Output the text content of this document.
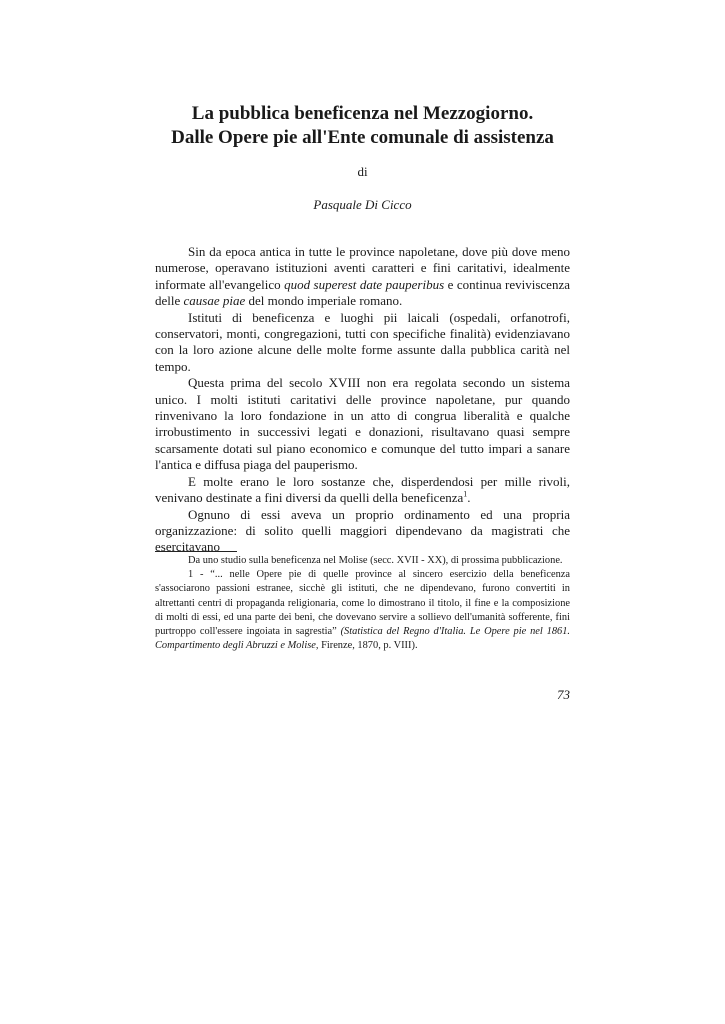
La pubblica beneficenza nel Mezzogiorno.
Dalle Opere pie all'Ente comunale di assistenza
di
Pasquale Di Cicco

Sin da epoca antica in tutte le province napoletane, dove più dove meno numerose, operavano istituzioni aventi caratteri e fini caritativi, idealmente informate all'evangelico quod superest date pauperibus e continua reviviscenza delle causae piae del mondo imperiale romano.

Istituti di beneficenza e luoghi pii laicali (ospedali, orfanotrofi, conservatori, monti, congregazioni, tutti con specifiche finalità) evidenziavano con la loro azione alcune delle molte forme assunte dalla pubblica carità nel tempo.

Questa prima del secolo XVIII non era regolata secondo un sistema unico. I molti istituti caritativi delle province napoletane, pur quando rinvenivano la loro fondazione in un atto di congrua liberalità e qualche irrobustimento in successivi legati e donazioni, risultavano quasi sempre scarsamente dotati sul piano economico e comunque del tutto impari a sanare l'antica e diffusa piaga del pauperismo.

E molte erano le loro sostanze che, disperdendosi per mille rivoli, venivano destinate a fini diversi da quelli della beneficenza$^1$.

Ognuno di essi aveva un proprio ordinamento ed una propria organizzazione: di solito quelli maggiori dipendevano da magistrati che esercitavano

Da uno studio sulla beneficenza nel Molise (secc. XVII - XX), di prossima pubblicazione.

1 - “... nelle Opere pie di quelle province al sincero esercizio della beneficenza s'associarono passioni estranee, sicchè gli istituti, che ne dipendevano, furono convertiti in altrettanti centri di propaganda religionaria, come lo dimostrano il titolo, il fine e la composizione di molti di essi, ed una parte dei beni, che dovevano servire a sollievo dell'umanità sofferente, fini purtroppo coll'essere ingoiata in sagrestia” (Statistica del Regno d'Italia. Le Opere pie nel 1861. Compartimento degli Abruzzi e Molise, Firenze, 1870, p. VIII).

73
